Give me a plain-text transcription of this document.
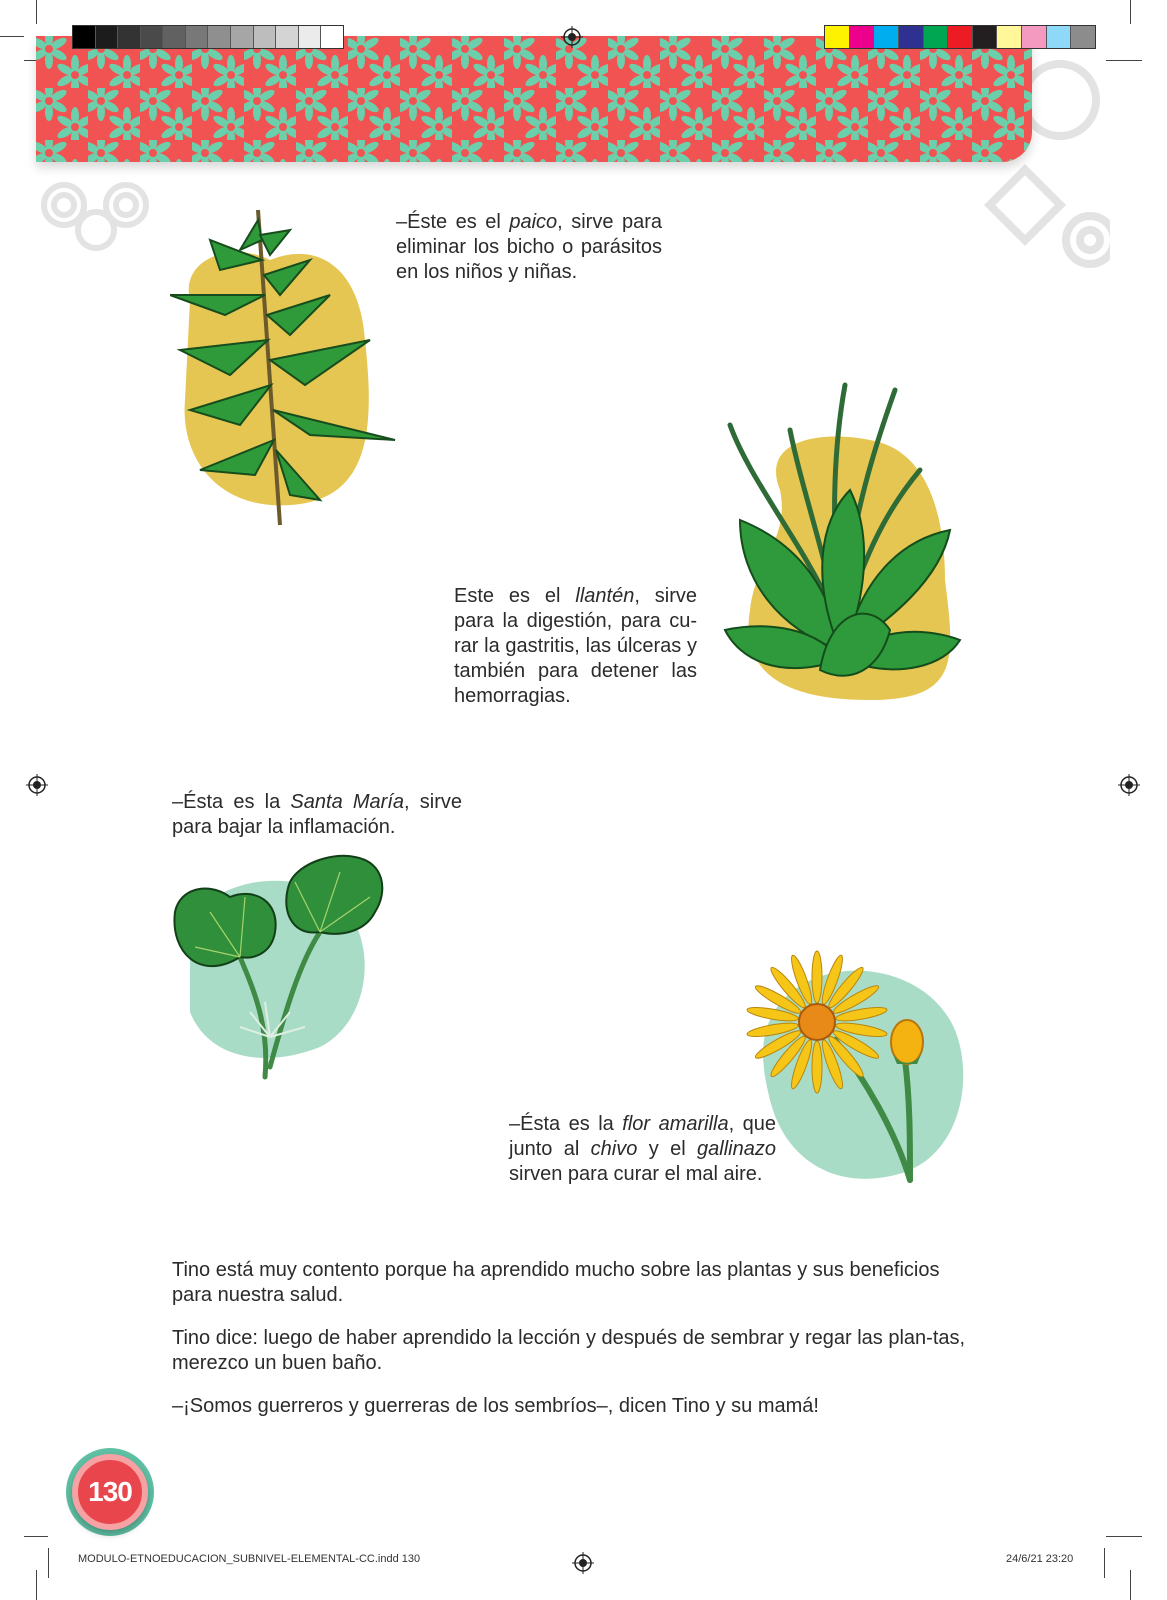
–Éste es el paico, sirve para eliminar los bicho o parásitos en los niños y niñas.
Este es el llantén, sirve para la digestión, para cu-rar la gastritis, las úlceras y también para detener las hemorragias.
–Ésta es la Santa María, sirve para bajar la inflamación.
–Ésta es la flor amarilla, que junto al chivo y el gallinazo sirven para curar el mal aire.

Tino está muy contento porque ha aprendido mucho sobre las plantas y sus beneficios para nuestra salud.

Tino dice: luego de haber aprendido la lección y después de sembrar y regar las plan-tas, merezco un buen baño.

–¡Somos guerreros y guerreras de los sembríos–, dicen Tino y su mamá!

130
MODULO-ETNOEDUCACION_SUBNIVEL-ELEMENTAL-CC.indd 130	24/6/21 23:20
